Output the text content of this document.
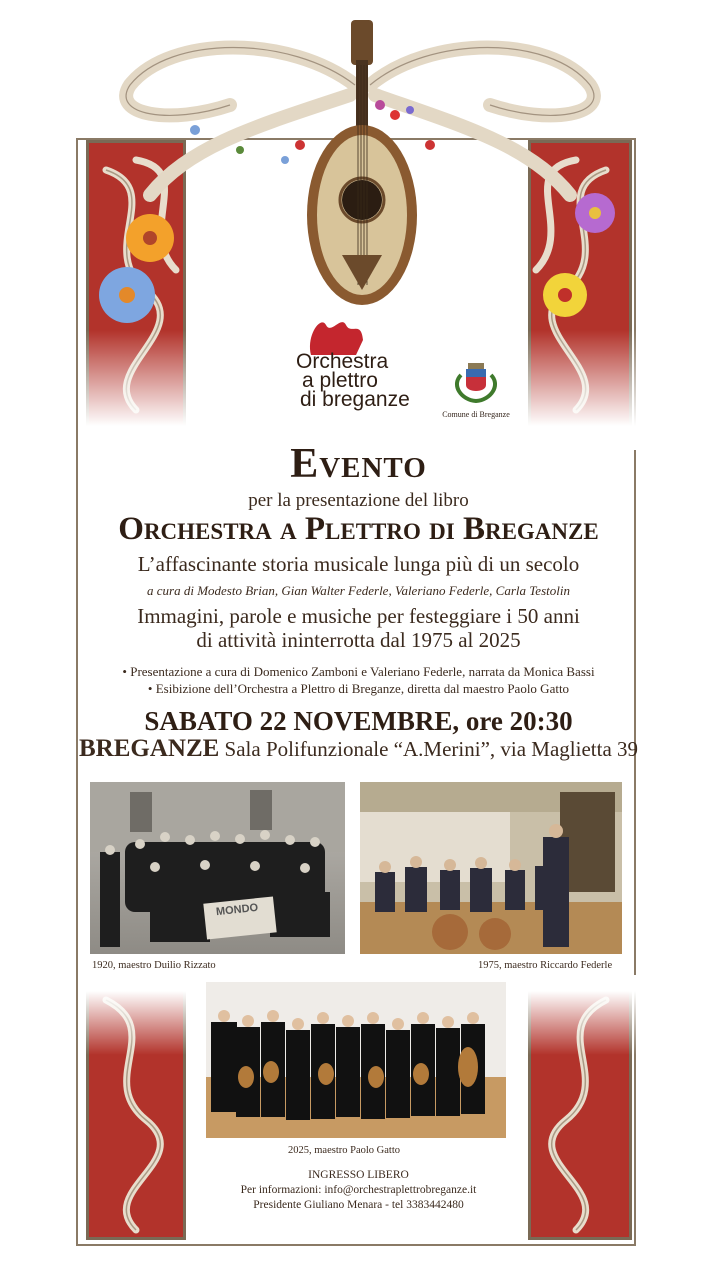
Orchestra
a plettro
di breganze
Comune di Breganze
Evento
per la presentazione del libro
Orchestra a Plettro di Breganze
L’affascinante storia musicale lunga più di un secolo
a cura di Modesto Brian, Gian Walter Federle, Valeriano Federle, Carla Testolin
Immagini, parole e musiche per festeggiare i 50 anni
di attività ininterrotta dal 1975 al 2025
• Presentazione a cura di Domenico Zamboni e Valeriano Federle, narrata da Monica Bassi
• Esibizione dell’Orchestra a Plettro di Breganze, diretta dal maestro Paolo Gatto
SABATO 22 NOVEMBRE, ore 20:30
BREGANZE Sala Polifunzionale “A.Merini”, via Maglietta 39
MONDO
1920, maestro Duilio Rizzato	1975, maestro Riccardo Federle
2025, maestro Paolo Gatto
INGRESSO LIBERO
Per informazioni: info@orchestraplettrobreganze.it
Presidente Giuliano Menara - tel 3383442480
